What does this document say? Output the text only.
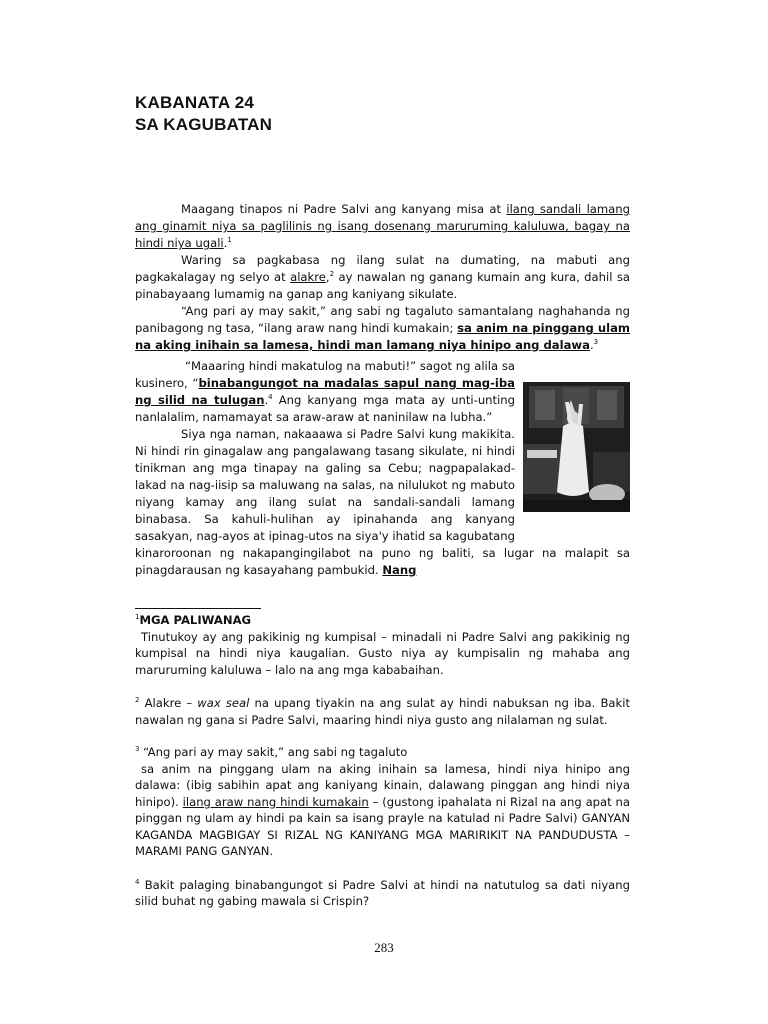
KABANATA 24
SA KAGUBATAN

Maagang tinapos ni Padre Salvi ang kanyang misa at ilang sandali lamang ang ginamit niya sa paglilinis ng isang dosenang maruruming kaluluwa, bagay na hindi niya ugali.$^1$

Waring sa pagkabasa ng ilang sulat na dumating, na mabuti ang pagkakalagay ng selyo at alakre,$^2$ ay nawalan ng ganang kumain ang kura, dahil sa pinabayaang lumamig na ganap ang kaniyang sikulate.

“Ang pari ay may sakit,” ang sabi ng tagaluto samantalang naghahanda ng panibagong ng tasa, “ilang araw nang hindi kumakain; sa anim na pinggang ulam na aking inihain sa lamesa, hindi man lamang niya hinipo ang dalawa.$^3$

“Maaaring hindi makatulog na mabuti!” sagot ng alila sa kusinero, “binabangungot na madalas sapul nang mag-iba ng silid na tulugan.$^4$ Ang kanyang mga mata ay unti-unting nanlalalim, namamayat sa araw-araw at naninilaw na lubha.”

Siya nga naman, nakaaawa si Padre Salvi kung makikita. Ni hindi rin ginagalaw ang pangalawang tasang sikulate, ni hindi tinikman ang mga tinapay na galing sa Cebu; nagpapalakad-lakad na nag-iisip sa maluwang na salas, na nilulukot ng mabuto niyang kamay ang ilang sulat na sandali-sandali lamang binabasa. Sa kahuli-hulihan ay ipinahanda ang kanyang sasakyan, nag-ayos at ipinag-utos na siya'y ihatid sa kagubatang kinaroroonan ng nakapangingilabot na puno ng baliti, sa lugar na malapit sa pinagdarausan ng kasayahang pambukid. Nang

$^1$MGA PALIWANAG

Tinutukoy ay ang pakikinig ng kumpisal – minadali ni Padre Salvi ang pakikinig ng kumpisal na hindi niya kaugalian. Gusto niya ay kumpisalin ng mahaba ang maruruming kaluluwa – lalo na ang mga kababaihan.

$^2$ Alakre – wax seal na upang tiyakin na ang sulat ay hindi nabuksan ng iba. Bakit nawalan ng gana si Padre Salvi, maaring hindi niya gusto ang nilalaman ng sulat.

$^3$ “Ang pari ay may sakit,” ang sabi ng tagaluto

sa anim na pinggang ulam na aking inihain sa lamesa, hindi niya hinipo ang dalawa: (ibig sabihin apat ang kaniyang kinain, dalawang pinggan ang hindi niya hinipo). ilang araw nang hindi kumakain – (gustong ipahalata ni Rizal na ang apat na pinggan ng ulam ay hindi pa kain sa isang prayle na katulad ni Padre Salvi) GANYAN KAGANDA MAGBIGAY SI RIZAL NG KANIYANG MGA MARIRIKIT NA PANDUDUSTA – MARAMI PANG GANYAN.

$^4$ Bakit palaging binabangungot si Padre Salvi at hindi na natutulog sa dati niyang silid buhat ng gabing mawala si Crispin?

283
